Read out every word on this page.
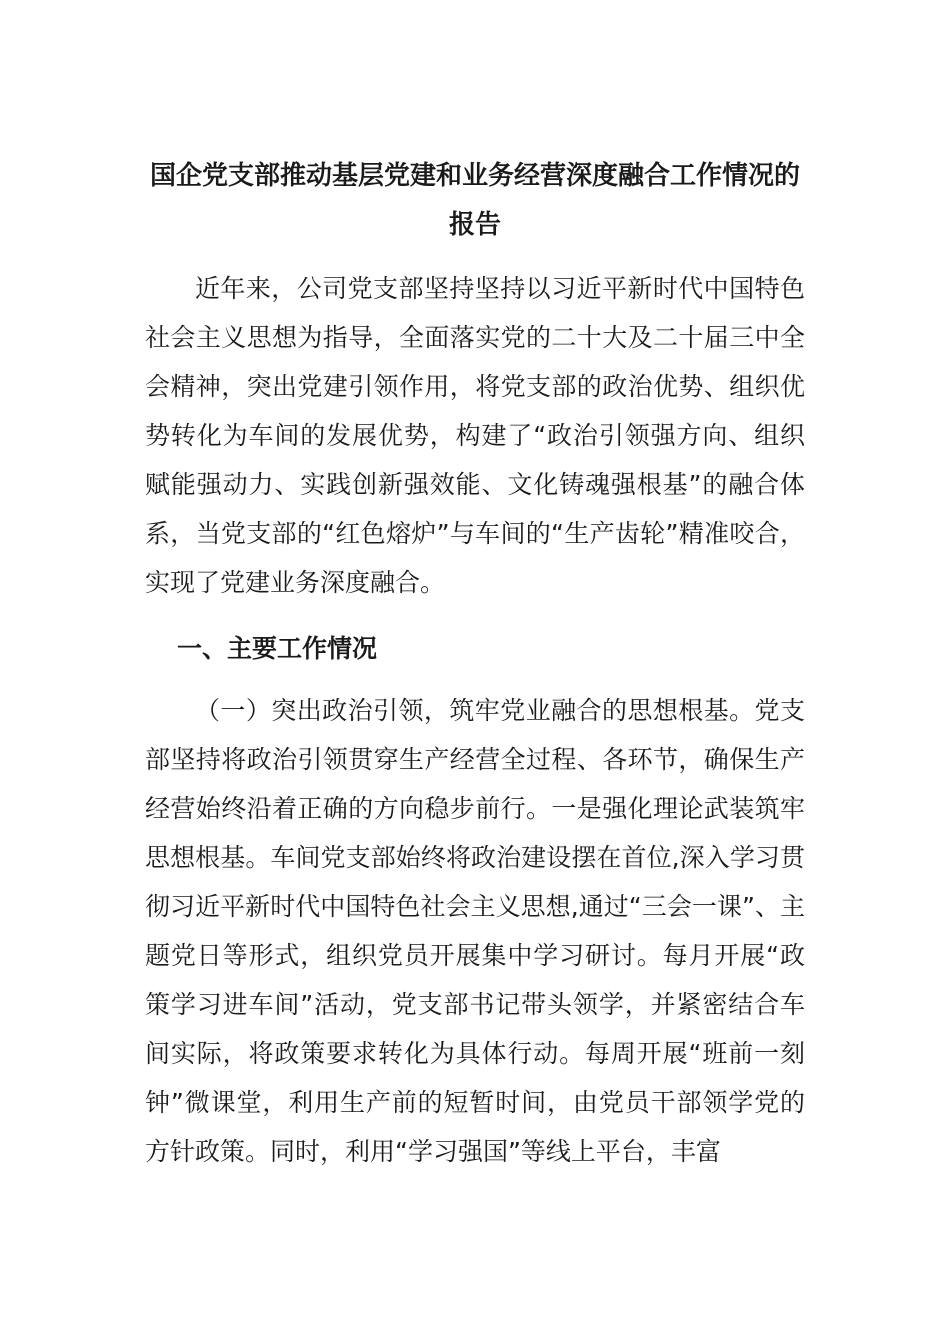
国企党支部推动基层党建和业务经营深度融合工作情况的报告

近年来，公司党支部坚持坚持以习近平新时代中国特色社会主义思想为指导，全面落实党的二十大及二十届三中全会精神，突出党建引领作用，将党支部的政治优势、组织优势转化为车间的发展优势，构建了“政治引领强方向、组织赋能强动力、实践创新强效能、文化铸魂强根基”的融合体系，当党支部的“红色熔炉”与车间的“生产齿轮”精准咬合，实现了党建业务深度融合。

一、主要工作情况

（一）突出政治引领，筑牢党业融合的思想根基。党支部坚持将政治引领贯穿生产经营全过程、各环节，确保生产经营始终沿着正确的方向稳步前行。一是强化理论武装筑牢思想根基。车间党支部始终将政治建设摆在首位,深入学习贯彻习近平新时代中国特色社会主义思想,通过“三会一课”、主题党日等形式，组织党员开展集中学习研讨。每月开展“政策学习进车间”活动，党支部书记带头领学，并紧密结合车间实际，将政策要求转化为具体行动。每周开展“班前一刻钟”微课堂，利用生产前的短暂时间，由党员干部领学党的方针政策。同时，利用“学习强国”等线上平台，丰富
